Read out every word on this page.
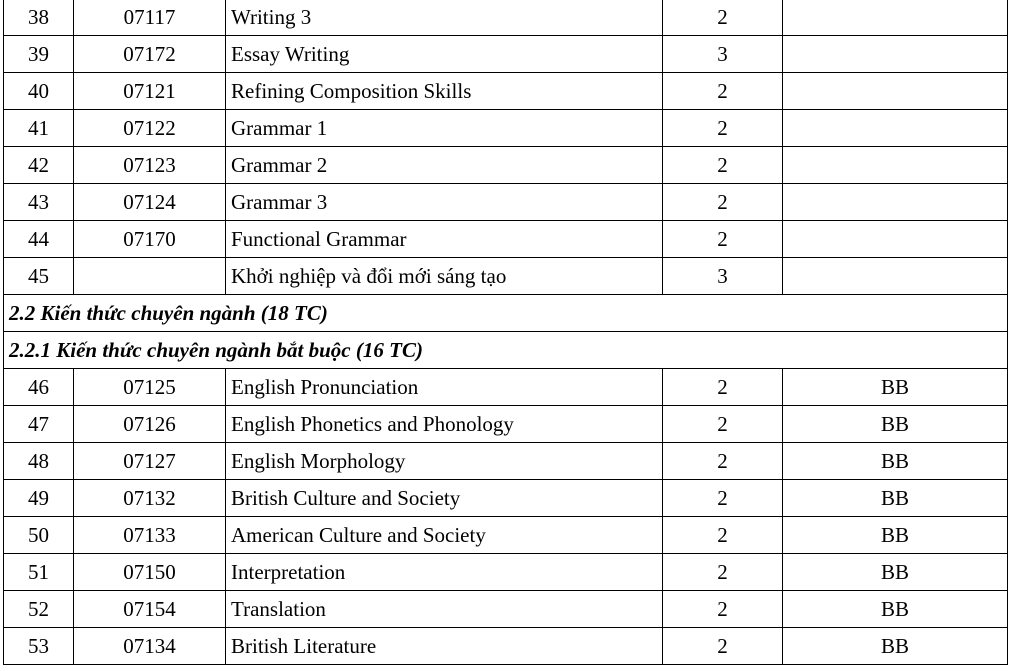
38	07117	Writing 3	2	
39	07172	Essay Writing	3	
40	07121	Refining Composition Skills	2	
41	07122	Grammar 1	2	
42	07123	Grammar 2	2	
43	07124	Grammar 3	2	
44	07170	Functional Grammar	2	
45		Khởi nghiệp và đổi mới sáng tạo	3	
2.2 Kiến thức chuyên ngành (18 TC)				
2.2.1 Kiến thức chuyên ngành bắt buộc (16 TC)				
46	07125	English Pronunciation	2	BB
47	07126	English Phonetics and Phonology	2	BB
48	07127	English Morphology	2	BB
49	07132	British Culture and Society	2	BB
50	07133	American Culture and Society	2	BB
51	07150	Interpretation	2	BB
52	07154	Translation	2	BB
53	07134	British Literature	2	BB
